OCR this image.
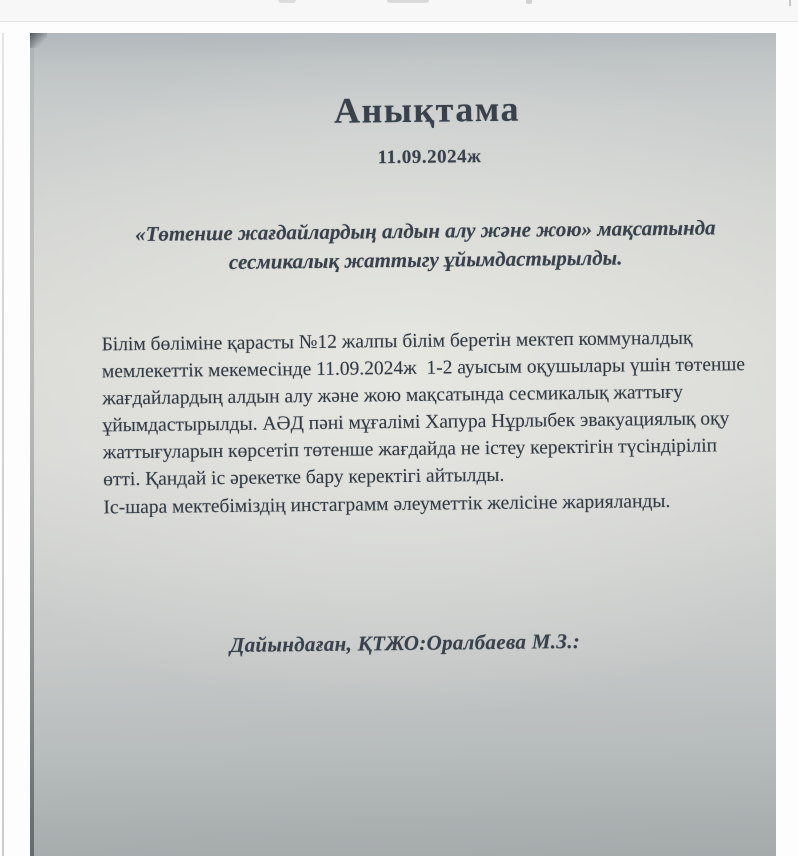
Анықтама
11.09.2024ж
«Төтенше жағдайлардың алдын алу және жою» мақсатында
сесмикалық жаттыгу ұйымдастырылды.
Білім бөліміне қарасты №12 жалпы білім беретін мектеп коммуналдық
мемлекеттік мекемесінде 11.09.2024ж  1-2 ауысым оқушылары үшін төтенше
жағдайлардың алдын алу және жою мақсатында сесмикалық жаттығу
ұйымдастырылды. АӘД пәні мұғалімі Хапура Нұрлыбек эвакуациялық оқу
жаттығуларын көрсетіп төтенше жағдайда не істеу керектігін түсіндіріліп
өтті. Қандай іс әрекетке бару керектігі айтылды.
Іс-шара мектебіміздің инстаграмм әлеуметтік желісіне жарияланды.
Дайындаған, ҚТЖО:Оралбаева М.З.:
